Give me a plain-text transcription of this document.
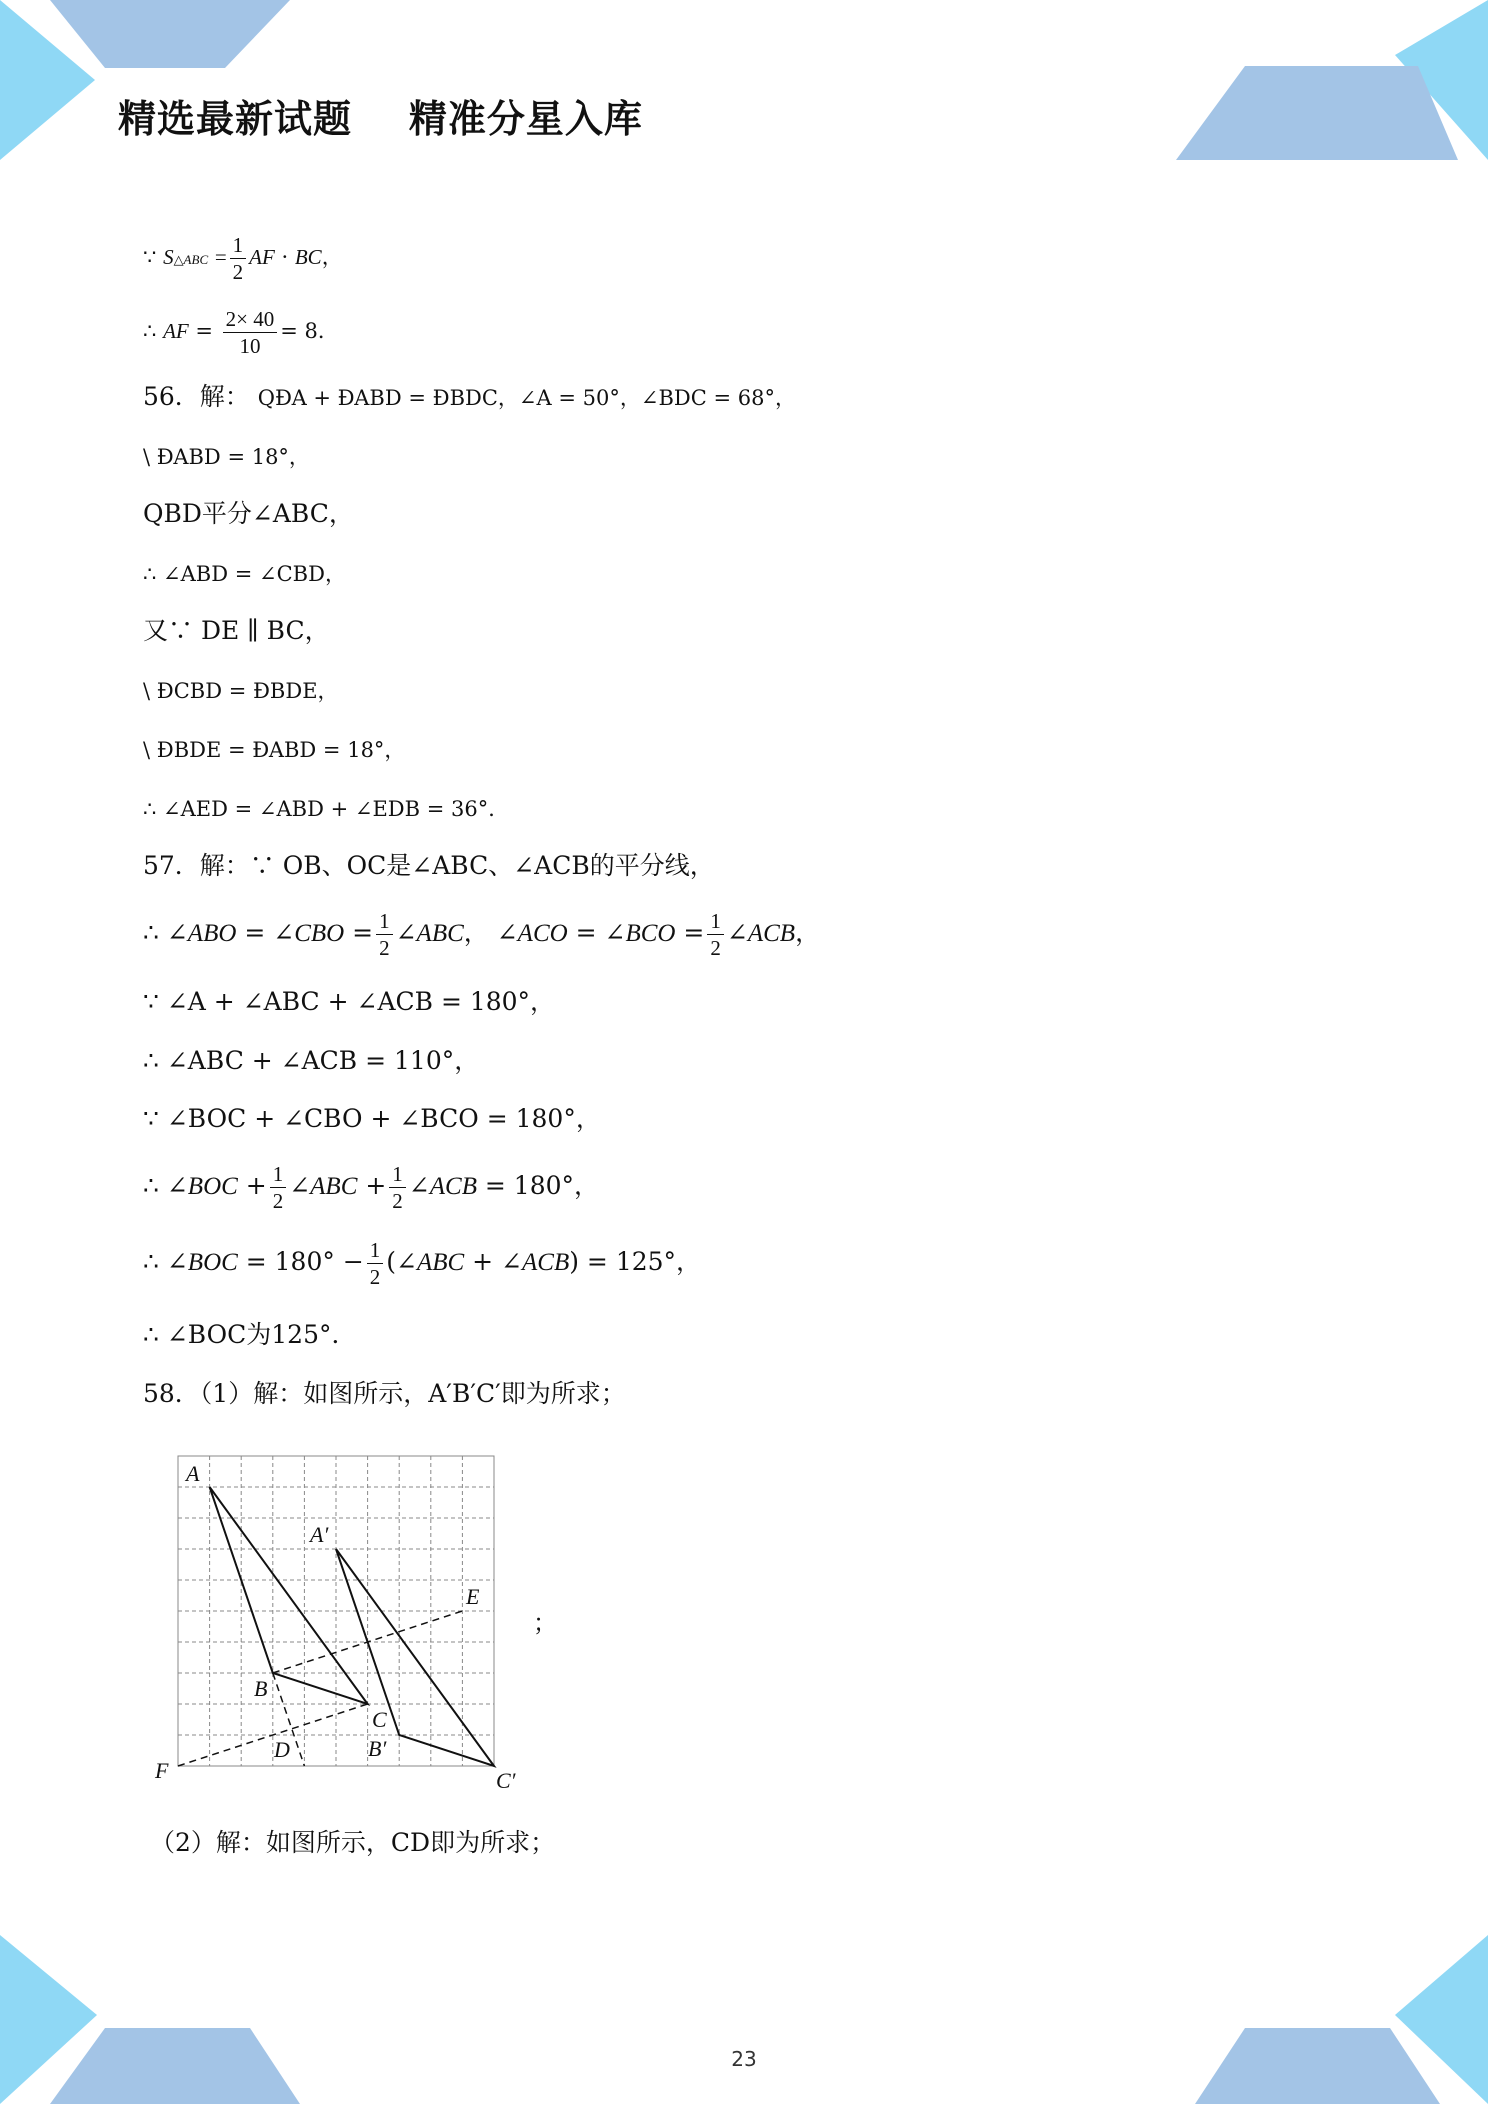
精选最新试题    精准分星入库
∵ S△ABC = $\frac{1}{2}$ AF · BC，
∴ AF = $\frac{2\times 40}{10} = 8$．
56．解： QÐA + ÐABD = ÐBDC，∠A = 50°，∠BDC = 68°，
\ ÐABD = 18°，
QBD平分∠ABC，
∴ ∠ABD = ∠CBD，
又∵ DE ∥ BC，
\ ÐCBD = ÐBDE，
\ ÐBDE = ÐABD = 18°，
∴ ∠AED = ∠ABD + ∠EDB = 36°．
57．解：∵ OB、OC是∠ABC、∠ACB的平分线，
∴ ∠ABO = ∠CBO = $\frac{1}{2}$ ∠ABC， ∠ACO = ∠BCO = $\frac{1}{2}$ ∠ACB，
∵ ∠A + ∠ABC + ∠ACB = 180°，
∴ ∠ABC + ∠ACB = 110°，
∵ ∠BOC + ∠CBO + ∠BCO = 180°，
∴ ∠BOC + $\frac{1}{2}$ ∠ABC + $\frac{1}{2}$ ∠ACB = 180°，
∴ ∠BOC = $180^\circ - \frac{1}{2}$ (∠ABC + ∠ACB) = 125°，
∴ ∠BOC为125°．
58．（1）解：如图所示，A′B′C′即为所求；
A
A′
B
C
B′
C′
D
E
F
；
（2）解：如图所示，CD即为所求；
23
